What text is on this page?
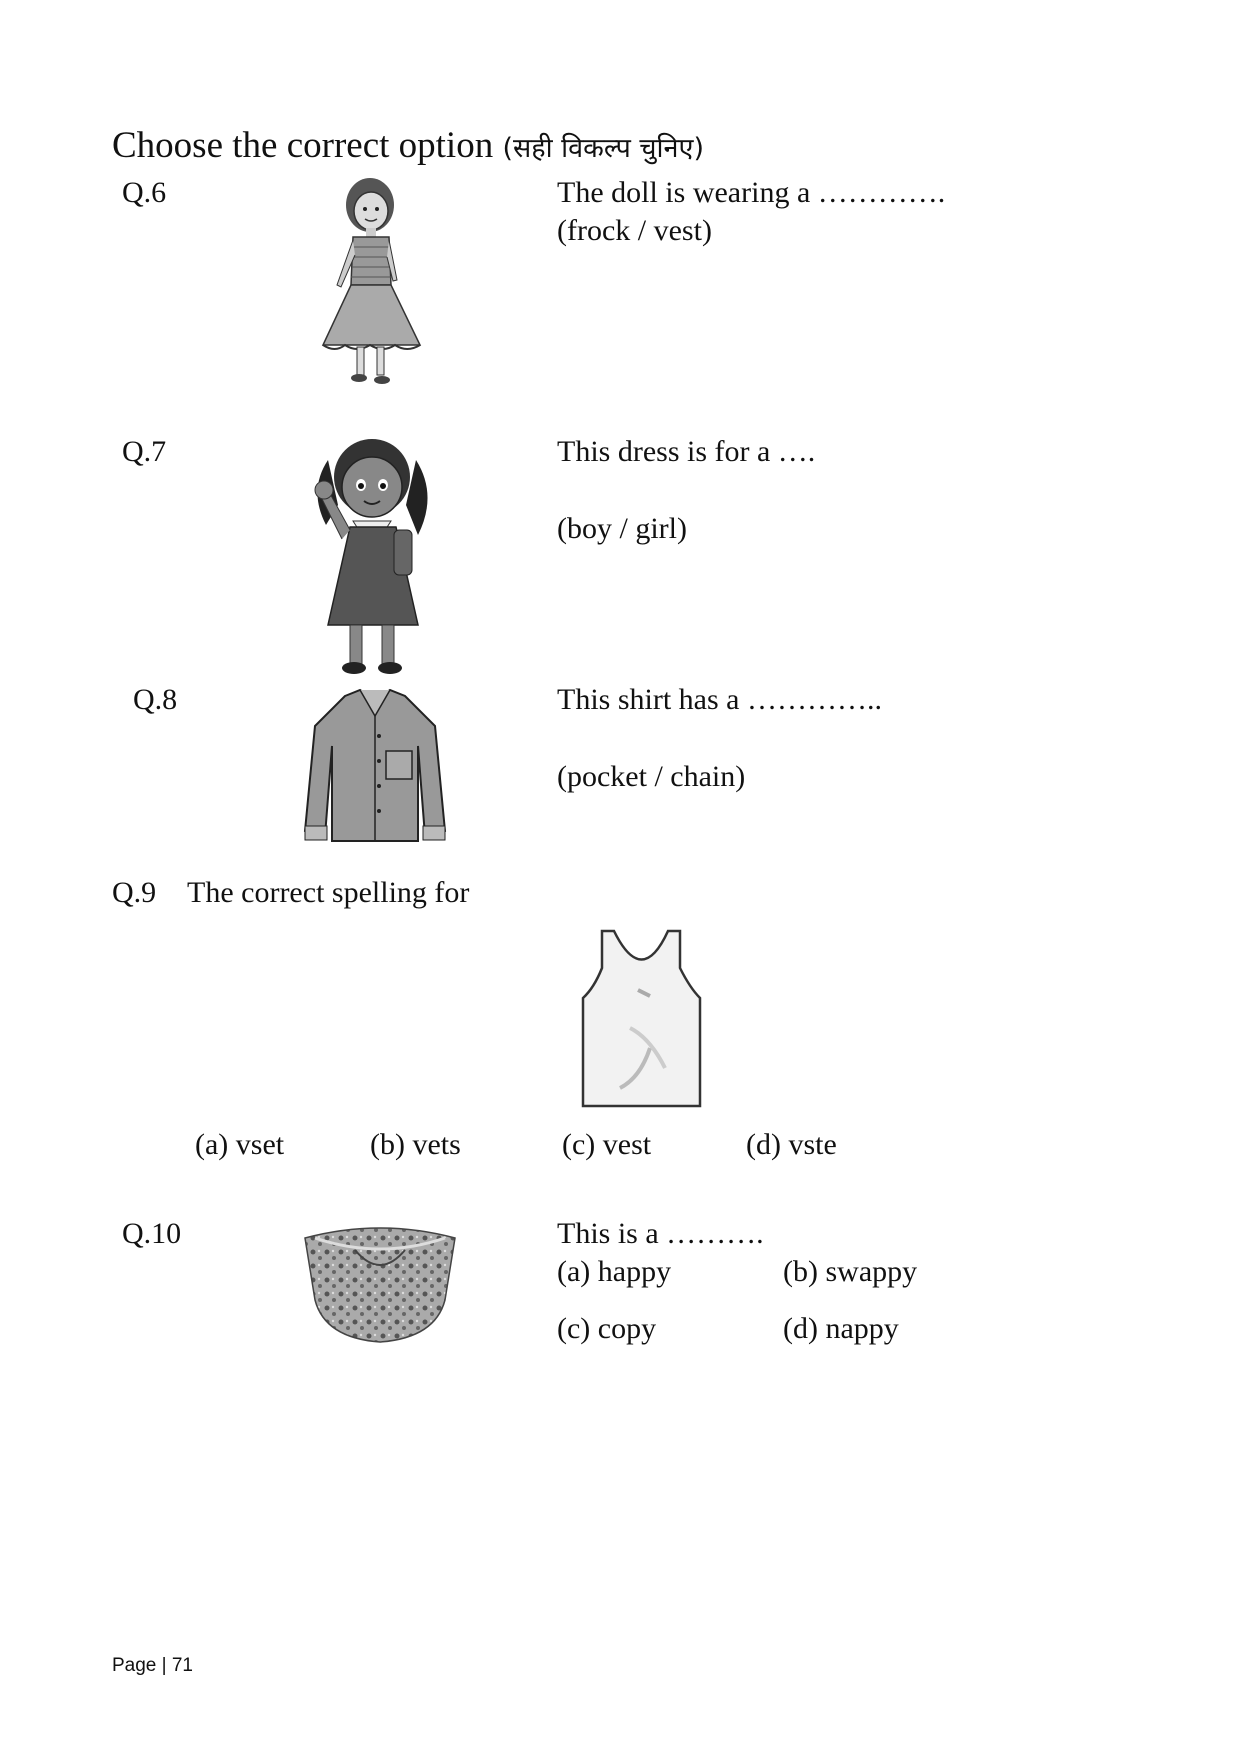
Choose the correct option (सही विकल्प चुनिए)
Q.6	The doll is wearing a ………….
(frock / vest)
Q.7	This dress is for a ….
(boy / girl)
Q.8	This shirt has a …………..
(pocket / chain)
Q.9 The correct spelling for
(a) vset	(b) vets	(c) vest	(d) vste
Q.10	This is a ……….
(a) happy	(b) swappy
(c) copy	(d) nappy
Page | 71
